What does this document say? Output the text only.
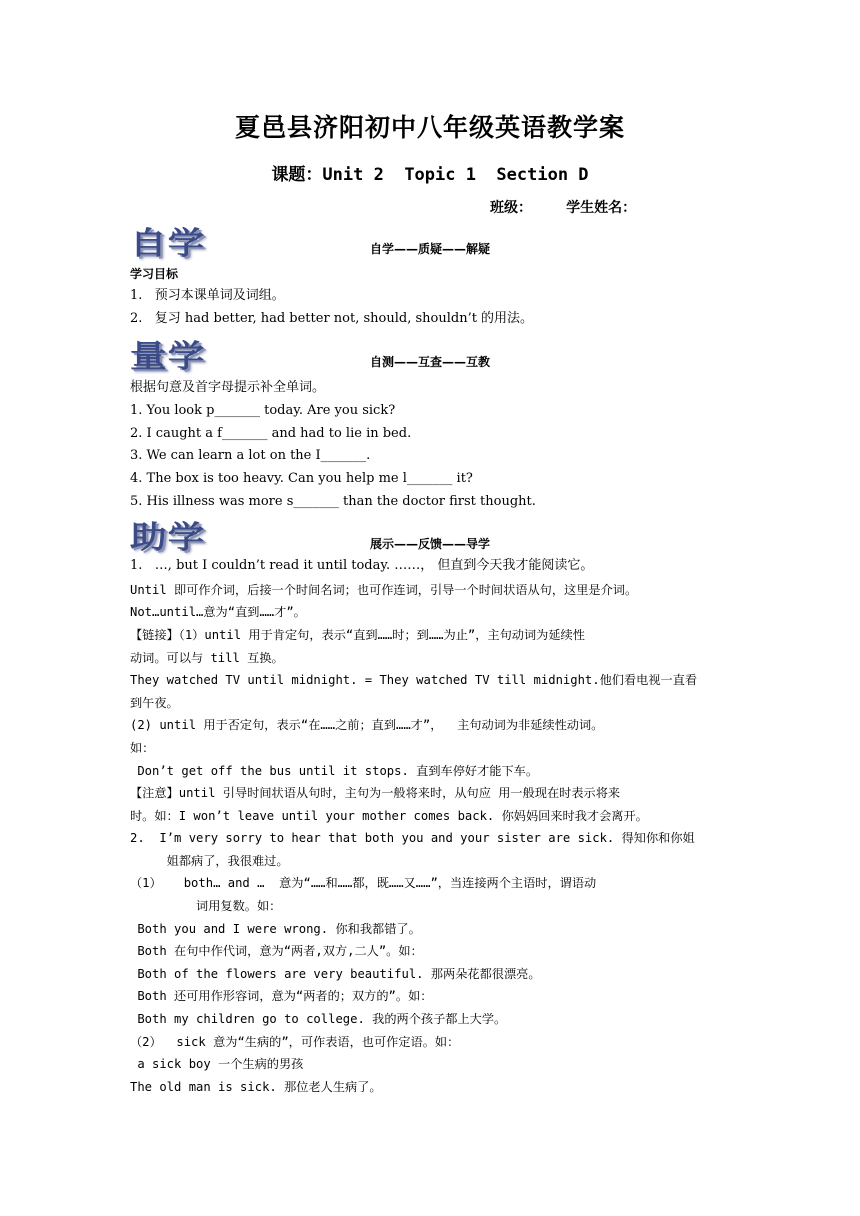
夏邑县济阳初中八年级英语教学案
课题：Unit 2  Topic 1  Section D
班级：       学生姓名：
自学	自学——质疑——解疑
学习目标
1.   预习本课单词及词组。
2.   复习 had better, had better not, should, shouldn’t 的用法。
量学	自测——互查——互教
根据句意及首字母提示补全单词。
1. You look p_______ today. Are you sick?
2. I caught a f_______ and had to lie in bed.
3. We can learn a lot on the I_______.
4. The box is too heavy. Can you help me l_______ it?
5. His illness was more s_______ than the doctor first thought.
助学	展示——反馈——导学
1.   …, but I couldn’t read it until today. ……， 但直到今天我才能阅读它。
Until 即可作介词，后接一个时间名词；也可作连词，引导一个时间状语从句，这里是介词。
Not…until…意为“直到……才”。
【链接】（1）until 用于肯定句，表示“直到……时；到……为止”，主句动词为延续性
动词。可以与 till 互换。
They watched TV until midnight. = They watched TV till midnight.他们看电视一直看
到午夜。
(2) until 用于否定句，表示“在……之前；直到……才”，  主句动词为非延续性动词。
如：
Don’t get off the bus until it stops. 直到车停好才能下车。
【注意】until 引导时间状语从句时，主句为一般将来时，从句应 用一般现在时表示将来
时。如：I won’t leave until your mother comes back. 你妈妈回来时我才会离开。
2.  I’m very sorry to hear that both you and your sister are sick. 得知你和你姐
姐都病了，我很难过。
（1）   both… and …  意为“……和……都，既……又……”，当连接两个主语时，谓语动
词用复数。如：
Both you and I were wrong. 你和我都错了。
Both 在句中作代词，意为“两者,双方,二人”。如：
Both of the flowers are very beautiful. 那两朵花都很漂亮。
Both 还可用作形容词，意为“两者的；双方的”。如：
Both my children go to college. 我的两个孩子都上大学。
（2）  sick 意为“生病的”，可作表语，也可作定语。如：
a sick boy 一个生病的男孩
The old man is sick. 那位老人生病了。
